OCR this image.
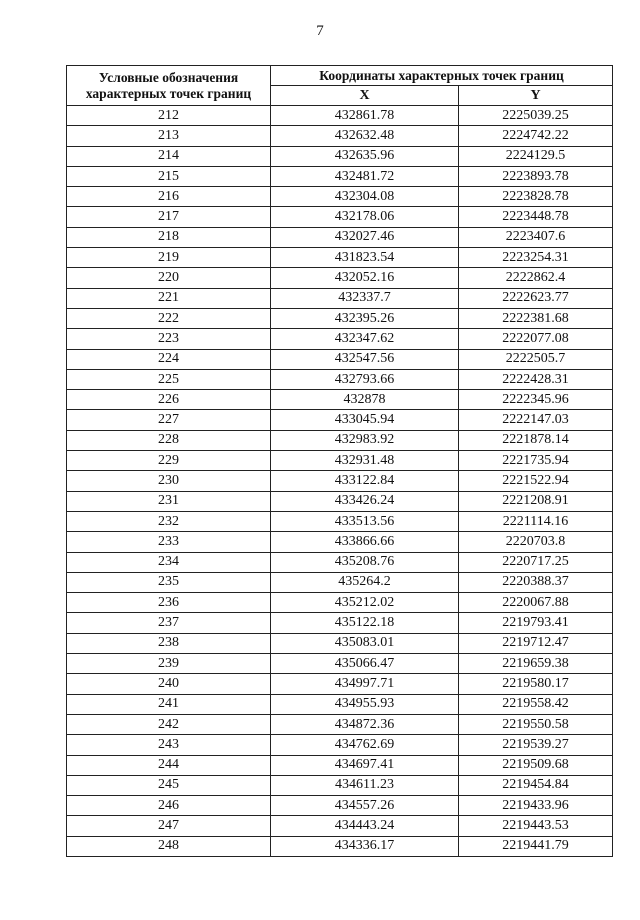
7
Условные обозначения характерных точек границ	Координаты характерных точек границ	
	X	Y
212	432861.78	2225039.25
213	432632.48	2224742.22
214	432635.96	2224129.5
215	432481.72	2223893.78
216	432304.08	2223828.78
217	432178.06	2223448.78
218	432027.46	2223407.6
219	431823.54	2223254.31
220	432052.16	2222862.4
221	432337.7	2222623.77
222	432395.26	2222381.68
223	432347.62	2222077.08
224	432547.56	2222505.7
225	432793.66	2222428.31
226	432878	2222345.96
227	433045.94	2222147.03
228	432983.92	2221878.14
229	432931.48	2221735.94
230	433122.84	2221522.94
231	433426.24	2221208.91
232	433513.56	2221114.16
233	433866.66	2220703.8
234	435208.76	2220717.25
235	435264.2	2220388.37
236	435212.02	2220067.88
237	435122.18	2219793.41
238	435083.01	2219712.47
239	435066.47	2219659.38
240	434997.71	2219580.17
241	434955.93	2219558.42
242	434872.36	2219550.58
243	434762.69	2219539.27
244	434697.41	2219509.68
245	434611.23	2219454.84
246	434557.26	2219433.96
247	434443.24	2219443.53
248	434336.17	2219441.79
